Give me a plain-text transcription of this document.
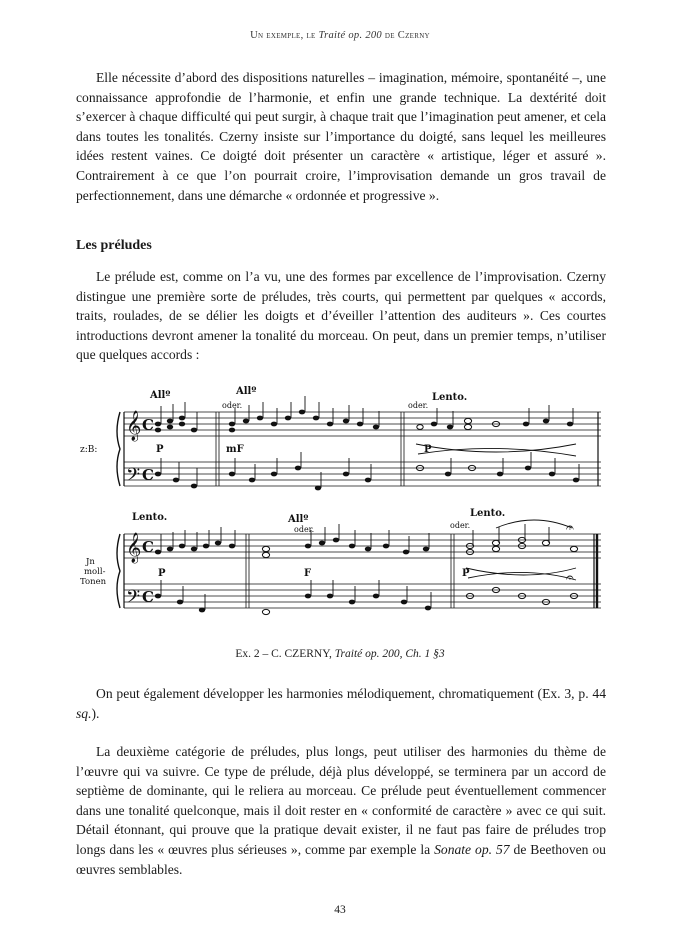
Un exemple, le Traité op. 200 de Czerny

Elle nécessite d’abord des dispositions naturelles – imagination, mémoire, spontanéité –, une connaissance approfondie de l’harmonie, et enfin une grande technique. La dextérité doit s’exercer à chaque difficulté qui peut surgir, à chaque trait que l’imagination peut amener, et cela dans toutes les tonalités. Czerny insiste sur l’importance du doigté, sans lequel les meilleures idées restent vaines. Ce doigté doit présenter un caractère « artistique, léger et assuré ». Contrairement à ce que l’on pourrait croire, l’improvisation demande un gros travail de perfectionnement, dans une démarche « ordonnée et progressive ».

Les préludes

Le prélude est, comme on l’a vu, une des formes par excellence de l’improvisation. Czerny distingue une première sorte de préludes, très courts, qui permettent par quelques « accords, traits, roulades, de se délier les doigts et d’éveiller l’attention des auditeurs ». Ces courtes introductions devront amener la tonalité du morceau. On peut, dans un premier temps, n’utiliser que quelques accords :

𝄞
𝄢
𝄞
𝄢
C
C
C
C
𝄐
𝄐
Allº	Allº
Lento.
oder.	oder.
P	mF	P
z:B:
Lento.	Allº
Lento.
oder.	oder.
P	F	P
Jn
moll-
Tonen
Ex. 2 – C. CZERNY, Traité op. 200, Ch. 1 §3

On peut également développer les harmonies mélodiquement, chromatiquement (Ex. 3, p. 44 sq.).

La deuxième catégorie de préludes, plus longs, peut utiliser des harmonies du thème de l’œuvre qui va suivre. Ce type de prélude, déjà plus développé, se terminera par un accord de septième de dominante, qui le reliera au morceau. Ce prélude peut éventuellement commencer dans une tonalité quelconque, mais il doit rester en « conformité de caractère » avec ce qui suit. Détail étonnant, qui prouve que la pratique devait exister, il ne faut pas faire de préludes trop longs dans les « œuvres plus sérieuses », comme par exemple la Sonate op. 57 de Beethoven ou œuvres semblables.

43
